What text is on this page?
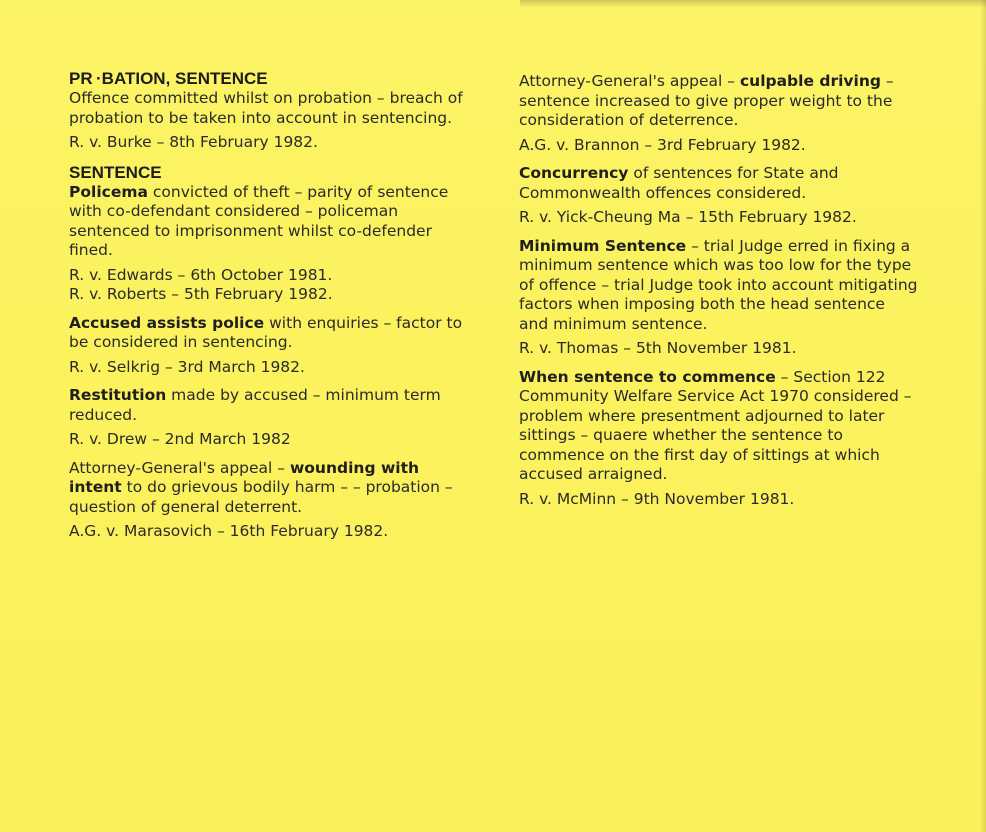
PR ·BATION, SENTENCE

Offence committed whilst on probation – breach of probation to be taken into account in sentencing.

R. v. Burke – 8th February 1982.

SENTENCE

Policema convicted of theft – parity of sentence with co-defendant considered – policeman sentenced to imprisonment whilst co-defender fined.

R. v. Edwards – 6th October 1981.

R. v. Roberts – 5th February 1982.

Accused assists police with enquiries – factor to be considered in sentencing.

R. v. Selkrig – 3rd March 1982.

Restitution made by accused – minimum term reduced.

R. v. Drew – 2nd March 1982

Attorney-General's appeal – wounding with intent to do grievous bodily harm – – probation – question of general deterrent.

A.G. v. Marasovich – 16th February 1982.

Attorney-General's appeal – culpable driving – sentence increased to give proper weight to the consideration of deterrence.

A.G. v. Brannon – 3rd February 1982.

Concurrency of sentences for State and Commonwealth offences considered.

R. v. Yick-Cheung Ma – 15th February 1982.

Minimum Sentence – trial Judge erred in fixing a minimum sentence which was too low for the type of offence – trial Judge took into account mitigating factors when imposing both the head sentence and minimum sentence.

R. v. Thomas – 5th November 1981.

When sentence to commence – Section 122 Community Welfare Service Act 1970 considered – problem where presentment adjourned to later sittings – quaere whether the sentence to commence on the first day of sittings at which accused arraigned.

R. v. McMinn – 9th November 1981.
